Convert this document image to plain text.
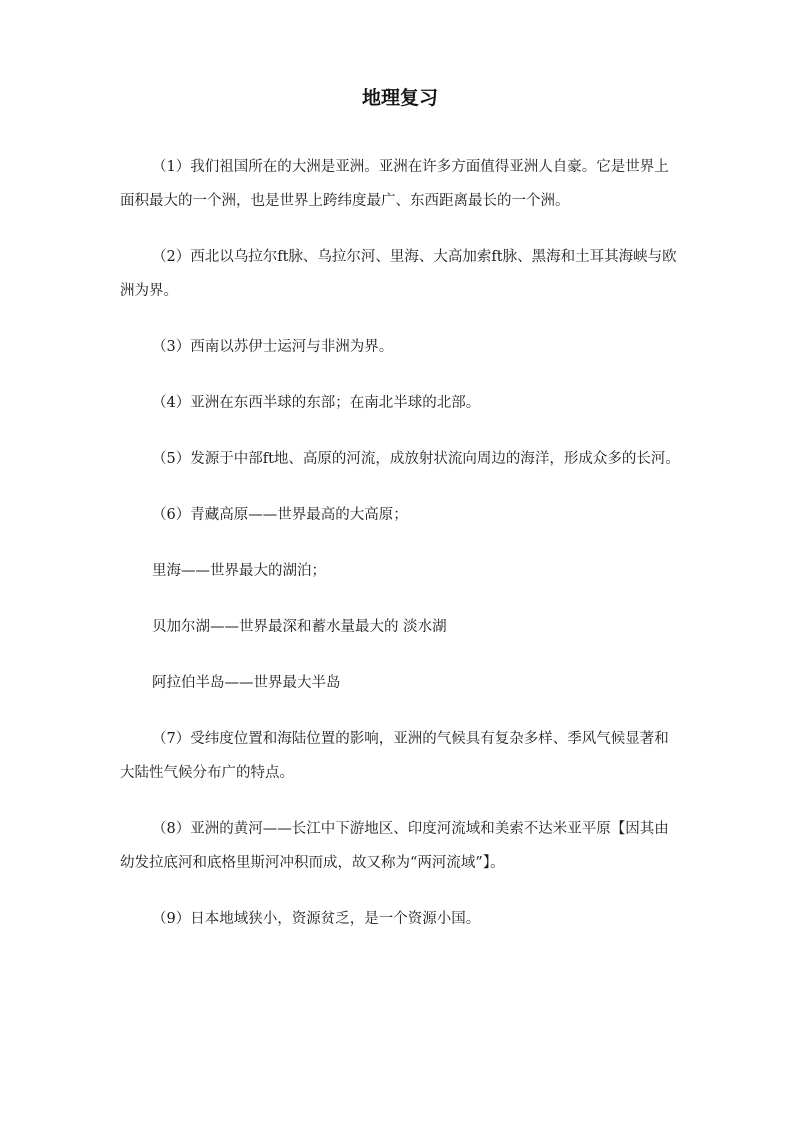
地理复习

（1）我们祖国所在的大洲是亚洲。亚洲在许多方面值得亚洲人自豪。它是世界上面积最大的一个洲，也是世界上跨纬度最广、东西距离最长的一个洲。

（2）西北以乌拉尔ft脉、乌拉尔河、里海、大高加索ft脉、黑海和土耳其海峡与欧洲为界。

（3）西南以苏伊士运河与非洲为界。

（4）亚洲在东西半球的东部；在南北半球的北部。

（5）发源于中部ft地、高原的河流，成放射状流向周边的海洋，形成众多的长河。

（6）青藏高原——世界最高的大高原；

里海——世界最大的湖泊；

贝加尔湖——世界最深和蓄水量最大的 淡水湖

阿拉伯半岛——世界最大半岛

（7）受纬度位置和海陆位置的影响，亚洲的气候具有复杂多样、季风气候显著和大陆性气候分布广的特点。

（8）亚洲的黄河——长江中下游地区、印度河流域和美索不达米亚平原【因其由幼发拉底河和底格里斯河冲积而成，故又称为“两河流域”】。

（9）日本地域狭小，资源贫乏，是一个资源小国。
